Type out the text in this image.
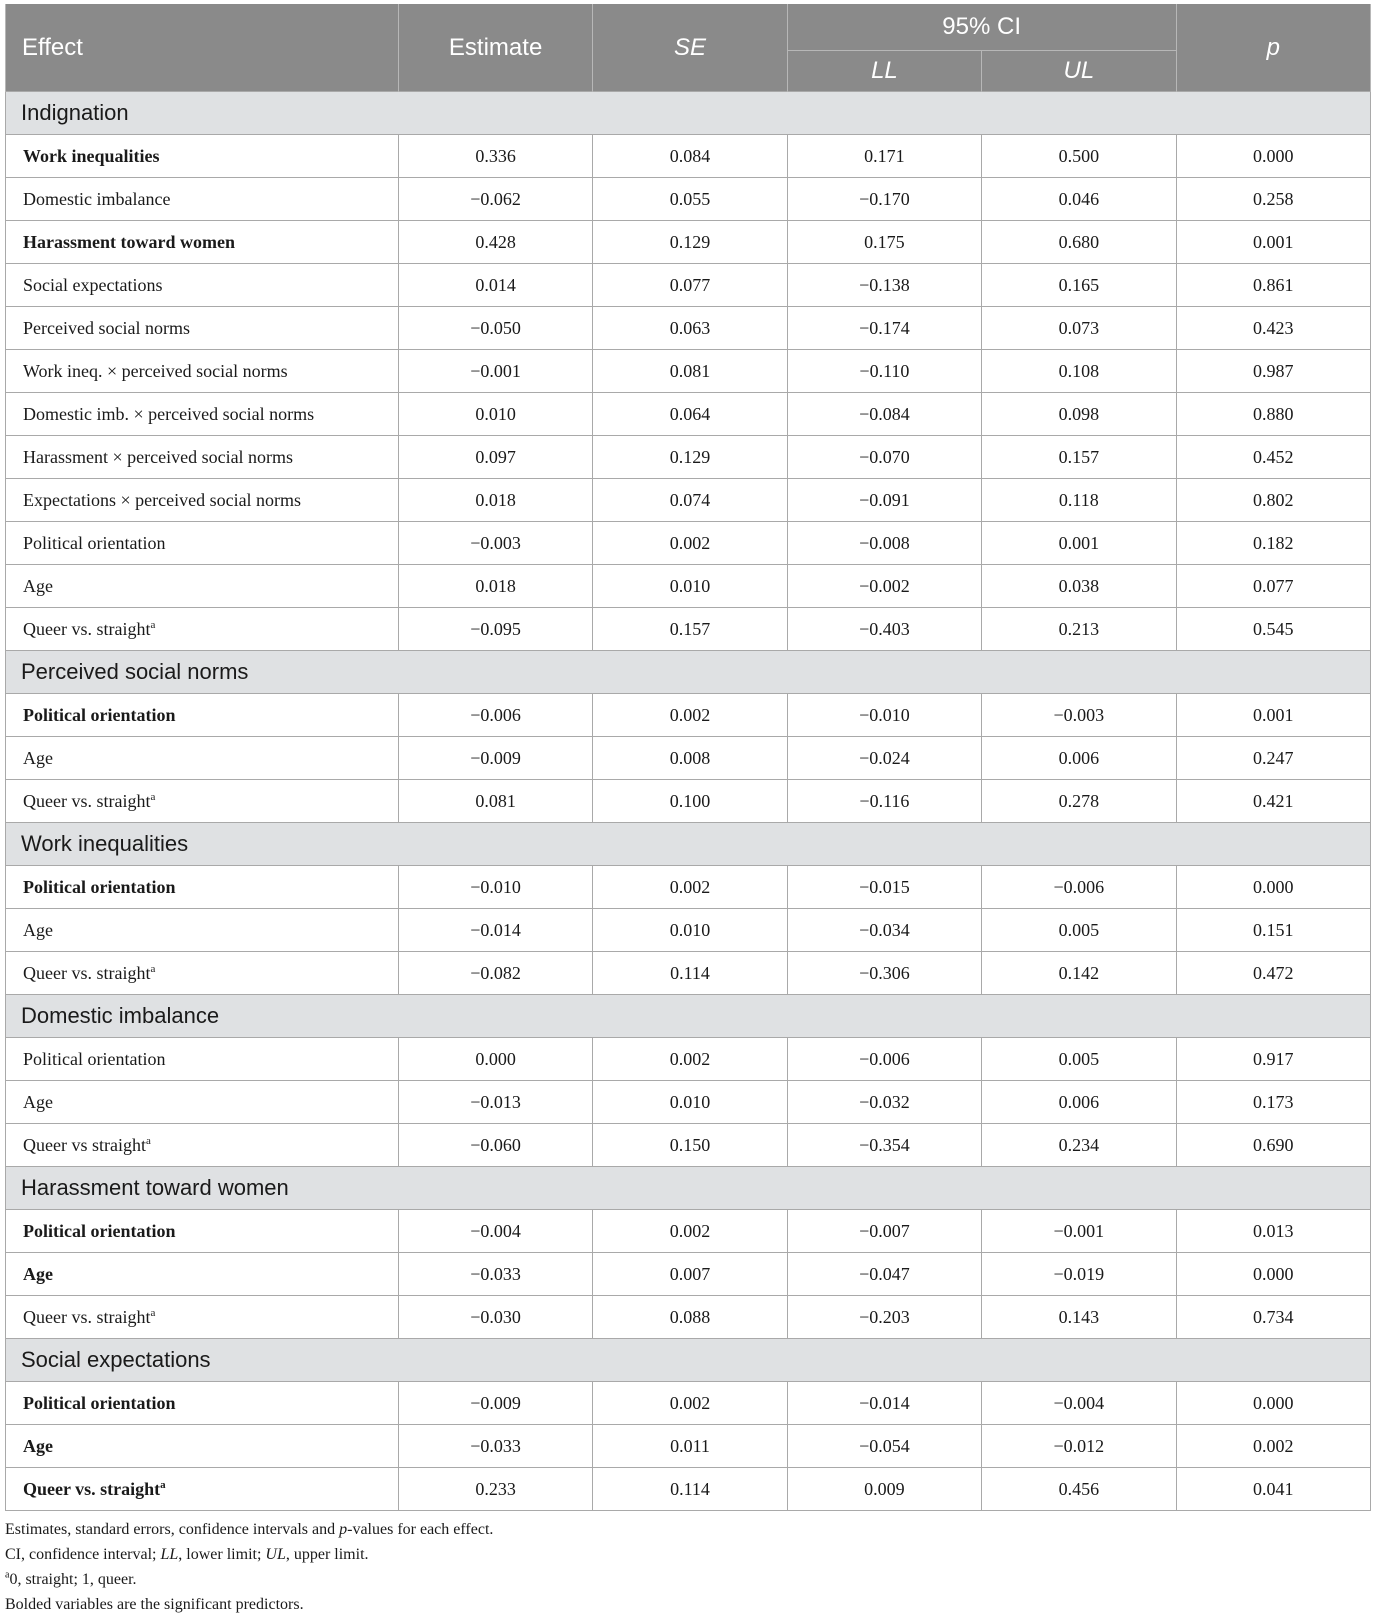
Effect	Estimate	SE	95% CI		p
			LL	UL	
Indignation					
Work inequalities	0.336	0.084	0.171	0.500	0.000
Domestic imbalance	−0.062	0.055	−0.170	0.046	0.258
Harassment toward women	0.428	0.129	0.175	0.680	0.001
Social expectations	0.014	0.077	−0.138	0.165	0.861
Perceived social norms	−0.050	0.063	−0.174	0.073	0.423
Work ineq. × perceived social norms	−0.001	0.081	−0.110	0.108	0.987
Domestic imb. × perceived social norms	0.010	0.064	−0.084	0.098	0.880
Harassment × perceived social norms	0.097	0.129	−0.070	0.157	0.452
Expectations × perceived social norms	0.018	0.074	−0.091	0.118	0.802
Political orientation	−0.003	0.002	−0.008	0.001	0.182
Age	0.018	0.010	−0.002	0.038	0.077
Queer vs. straight$^a$	−0.095	0.157	−0.403	0.213	0.545
Perceived social norms					
Political orientation	−0.006	0.002	−0.010	−0.003	0.001
Age	−0.009	0.008	−0.024	0.006	0.247
Queer vs. straight$^a$	0.081	0.100	−0.116	0.278	0.421
Work inequalities					
Political orientation	−0.010	0.002	−0.015	−0.006	0.000
Age	−0.014	0.010	−0.034	0.005	0.151
Queer vs. straight$^a$	−0.082	0.114	−0.306	0.142	0.472
Domestic imbalance					
Political orientation	0.000	0.002	−0.006	0.005	0.917
Age	−0.013	0.010	−0.032	0.006	0.173
Queer vs straight$^a$	−0.060	0.150	−0.354	0.234	0.690
Harassment toward women					
Political orientation	−0.004	0.002	−0.007	−0.001	0.013
Age	−0.033	0.007	−0.047	−0.019	0.000
Queer vs. straight$^a$	−0.030	0.088	−0.203	0.143	0.734
Social expectations					
Political orientation	−0.009	0.002	−0.014	−0.004	0.000
Age	−0.033	0.011	−0.054	−0.012	0.002
Queer vs. straight$^a$	0.233	0.114	0.009	0.456	0.041

Estimates, standard errors, confidence intervals and p-values for each effect.

CI, confidence interval; LL, lower limit; UL, upper limit.

$^a$0, straight; 1, queer.

Bolded variables are the significant predictors.
